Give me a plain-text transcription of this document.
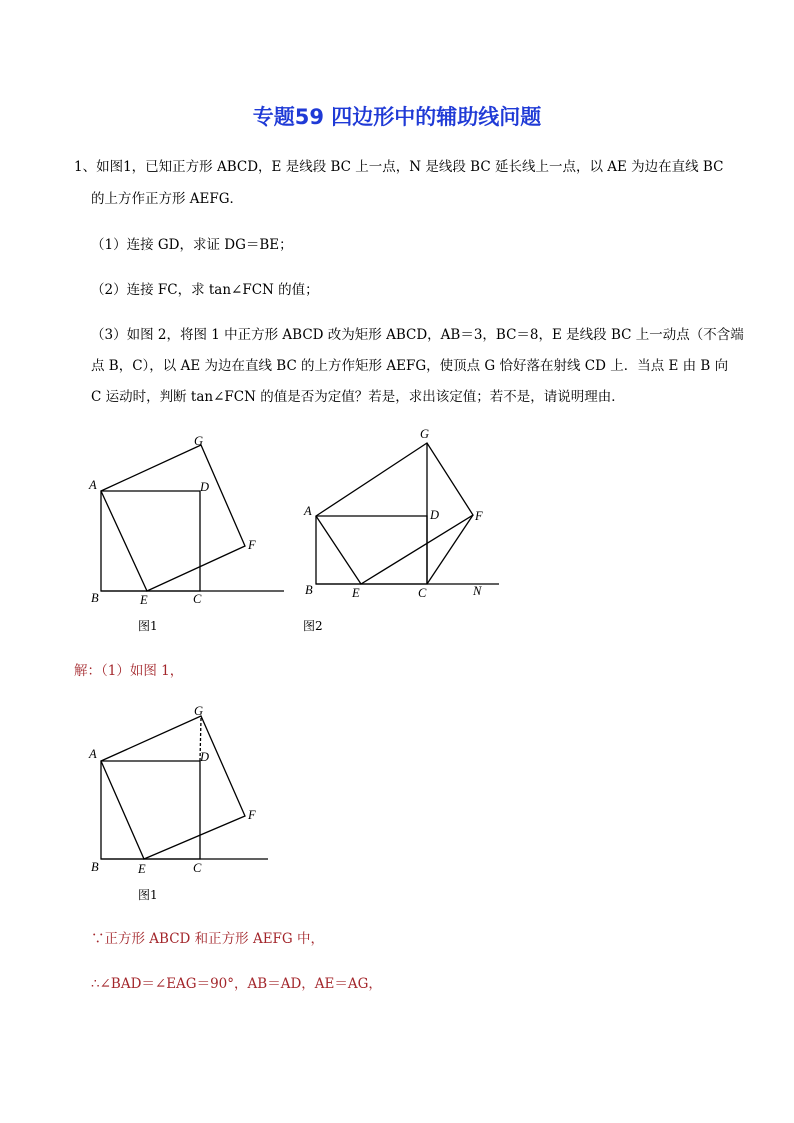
专题59 四边形中的辅助线问题
1、如图1，已知正方形 ABCD，E 是线段 BC 上一点，N 是线段 BC 延长线上一点，以 AE 为边在直线 BC
的上方作正方形 AEFG．
（1）连接 GD，求证 DG＝BE；
（2）连接 FC，求 tan∠FCN 的值；
（3）如图 2，将图 1 中正方形 ABCD 改为矩形 ABCD，AB＝3，BC＝8，E 是线段 BC 上一动点（不含端
点 B，C），以 AE 为边在直线 BC 的上方作矩形 AEFG，使顶点 G 恰好落在射线 CD 上．当点 E 由 B 向
C 运动时，判断 tan∠FCN 的值是否为定值？若是，求出该定值；若不是，请说明理由．
A
B	C
D
E
F
G
图1
A
B	C
D
E
F
G
N
图2
解：（1）如图 1，
A
B	C
D
E
F
G
图1
∵正方形 ABCD 和正方形 AEFG 中，
∴∠BAD＝∠EAG＝90°，AB＝AD，AE＝AG，
